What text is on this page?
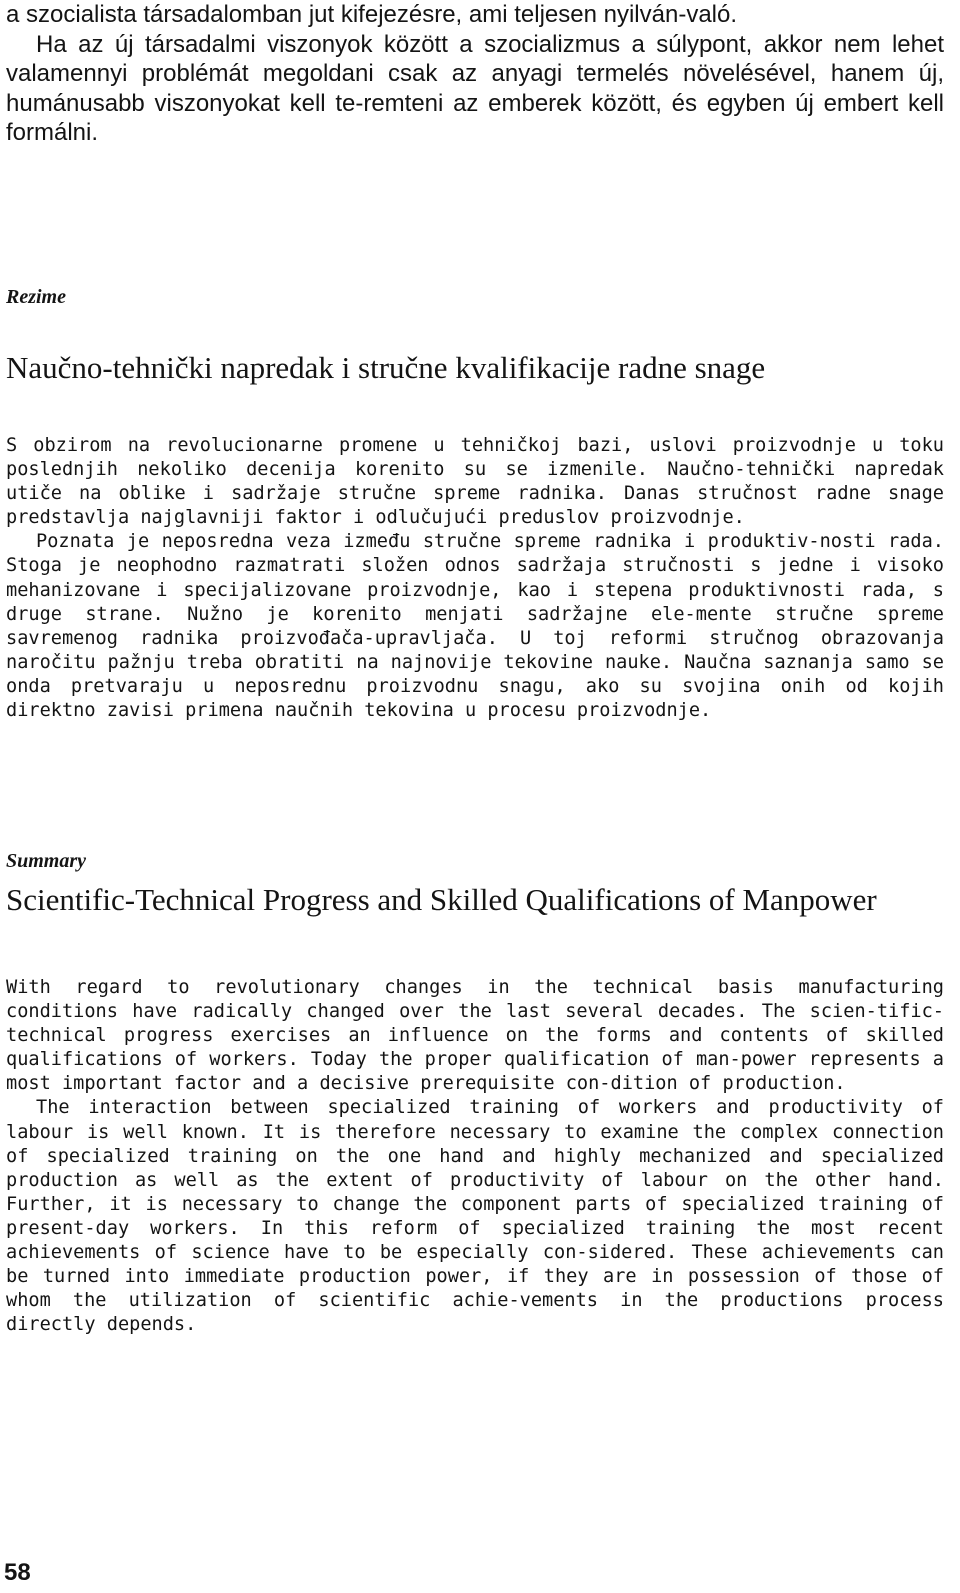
a szocialista társadalomban jut kifejezésre, ami teljesen nyilván-való.

Ha az új társadalmi viszonyok között a szocializmus a súlypont, akkor nem lehet valamennyi problémát megoldani csak az anyagi termelés növelésével, hanem új, humánusabb viszonyokat kell te-remteni az emberek között, és egyben új embert kell formálni.

Rezime
Naučno-tehnički napredak i stručne kvalifikacije radne snage

S obzirom na revolucionarne promene u tehničkoj bazi, uslovi proizvodnje u toku poslednjih nekoliko decenija korenito su se izmenile. Naučno-tehnički napredak utiče na oblike i sadržaje stručne spreme radnika. Danas stručnost radne snage predstavlja najglavniji faktor i odlučujući preduslov proizvodnje.

Poznata je neposredna veza između stručne spreme radnika i produktiv-nosti rada. Stoga je neophodno razmatrati složen odnos sadržaja stručnosti s jedne i visoko mehanizovane i specijalizovane proizvodnje, kao i stepena produktivnosti rada, s druge strane. Nužno je korenito menjati sadržajne ele-mente stručne spreme savremenog radnika proizvođača-upravljača. U toj reformi stručnog obrazovanja naročitu pažnju treba obratiti na najnovije tekovine nauke. Naučna saznanja samo se onda pretvaraju u neposrednu proizvodnu snagu, ako su svojina onih od kojih direktno zavisi primena naučnih tekovina u procesu proizvodnje.

Summary
Scientific-Technical Progress and Skilled Qualifications of Manpower

With regard to revolutionary changes in the technical basis manufacturing conditions have radically changed over the last several decades. The scien-tific-technical progress exercises an influence on the forms and contents of skilled qualifications of workers. Today the proper qualification of man-power represents a most important factor and a decisive prerequisite con-dition of production.

The interaction between specialized training of workers and productivity of labour is well known. It is therefore necessary to examine the complex connection of specialized training on the one hand and highly mechanized and specialized production as well as the extent of productivity of labour on the other hand. Further, it is necessary to change the component parts of specialized training of present-day workers. In this reform of specialized training the most recent achievements of science have to be especially con-sidered. These achievements can be turned into immediate production power, if they are in possession of those of whom the utilization of scientific achie-vements in the productions process directly depends.

58
